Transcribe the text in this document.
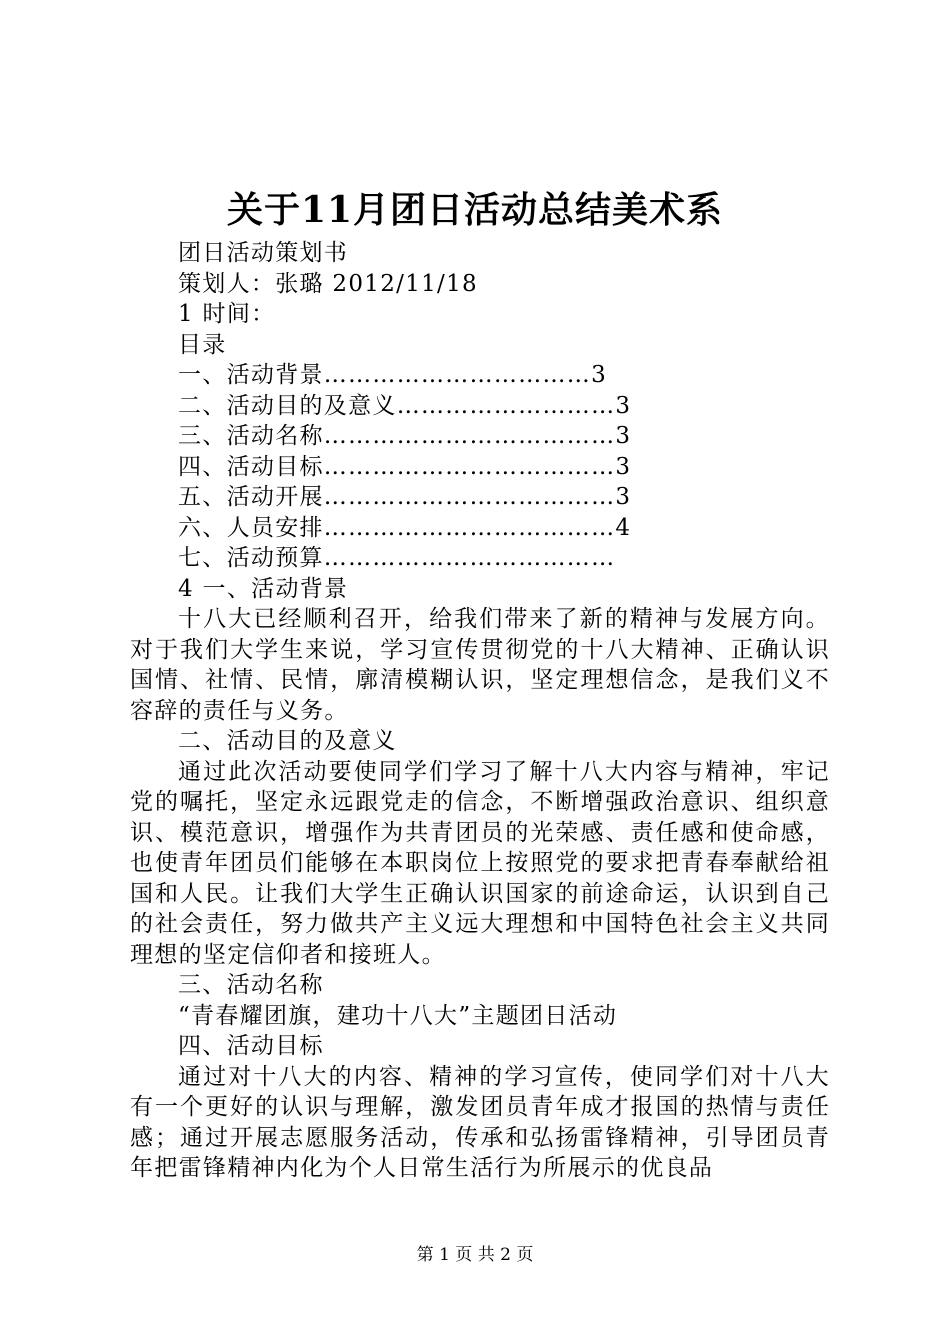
关于11月团日活动总结美术系
团日活动策划书
策划人：张璐 2012/11/18
1 时间：
目录
一、活动背景……………………………3
二、活动目的及意义………………………3
三、活动名称………………………………3
四、活动目标………………………………3
五、活动开展………………………………3
六、人员安排………………………………4
七、活动预算………………………………
4 一、活动背景
十八大已经顺利召开，给我们带来了新的精神与发展方向。对于我们大学生来说，学习宣传贯彻党的十八大精神、正确认识国情、社情、民情，廓清模糊认识，坚定理想信念，是我们义不容辞的责任与义务。
二、活动目的及意义
通过此次活动要使同学们学习了解十八大内容与精神，牢记党的嘱托，坚定永远跟党走的信念，不断增强政治意识、组织意识、模范意识，增强作为共青团员的光荣感、责任感和使命感，也使青年团员们能够在本职岗位上按照党的要求把青春奉献给祖国和人民。让我们大学生正确认识国家的前途命运，认识到自己的社会责任，努力做共产主义远大理想和中国特色社会主义共同理想的坚定信仰者和接班人。
三、活动名称
“青春耀团旗，建功十八大”主题团日活动
四、活动目标
通过对十八大的内容、精神的学习宣传，使同学们对十八大有一个更好的认识与理解，激发团员青年成才报国的热情与责任感；通过开展志愿服务活动，传承和弘扬雷锋精神，引导团员青年把雷锋精神内化为个人日常生活行为所展示的优良品
第 1 页 共 2 页
